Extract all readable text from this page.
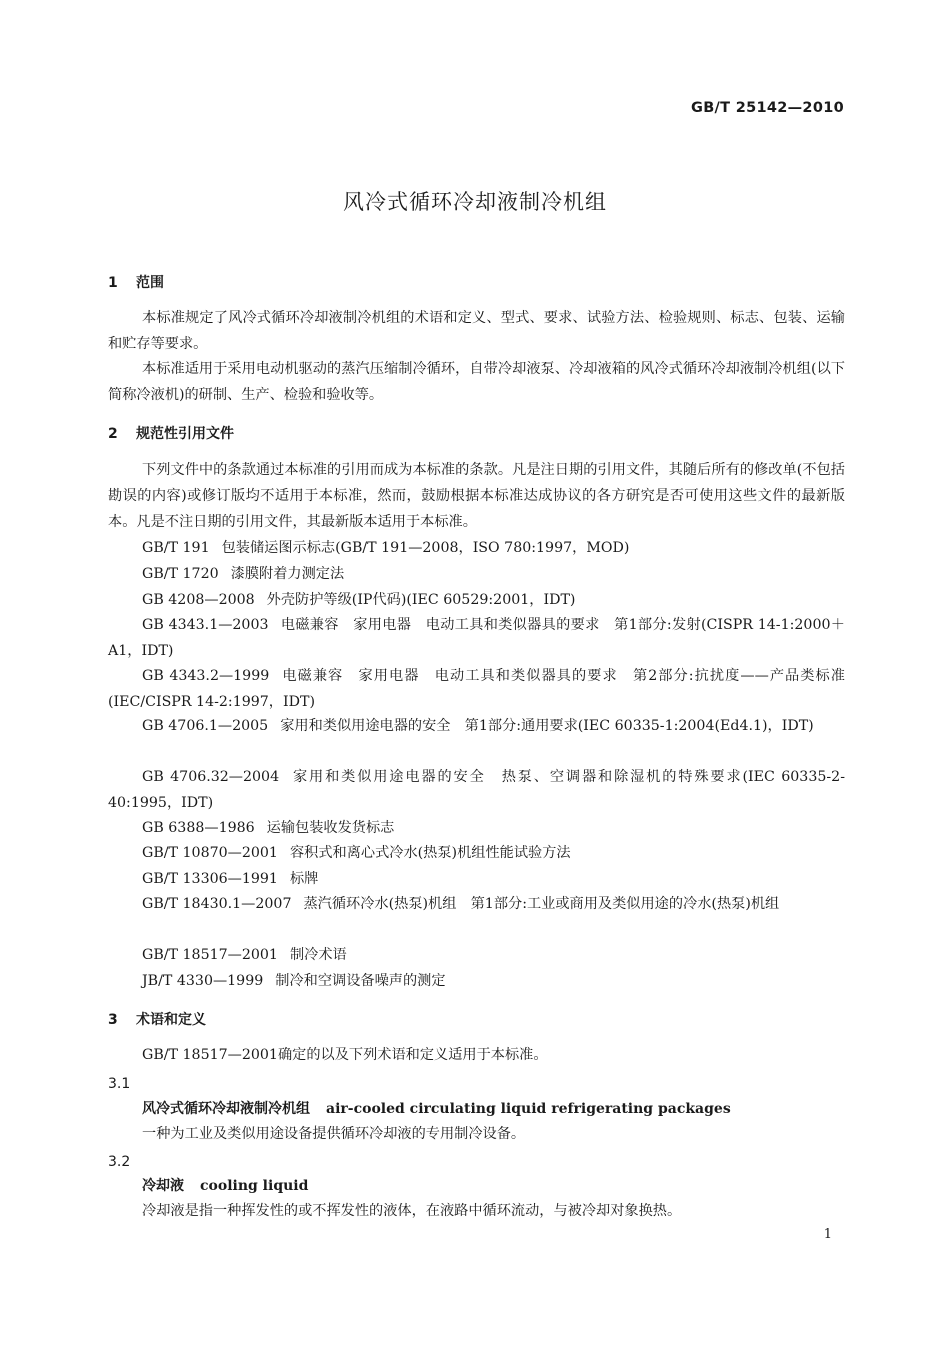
GB/T 25142—2010
风冷式循环冷却液制冷机组
1 范围
本标准规定了风冷式循环冷却液制冷机组的术语和定义、型式、要求、试验方法、检验规则、标志、包装、运输和贮存等要求。
本标准适用于采用电动机驱动的蒸汽压缩制冷循环，自带冷却液泵、冷却液箱的风冷式循环冷却液制冷机组(以下简称冷液机)的研制、生产、检验和验收等。
2 规范性引用文件
下列文件中的条款通过本标准的引用而成为本标准的条款。凡是注日期的引用文件，其随后所有的修改单(不包括勘误的内容)或修订版均不适用于本标准，然而，鼓励根据本标准达成协议的各方研究是否可使用这些文件的最新版本。凡是不注日期的引用文件，其最新版本适用于本标准。
GB/T 191 包装储运图示标志(GB/T 191—2008，ISO 780:1997，MOD)
GB/T 1720 漆膜附着力测定法
GB 4208—2008 外壳防护等级(IP代码)(IEC 60529:2001，IDT)
GB 4343.1—2003 电磁兼容　家用电器　电动工具和类似器具的要求　第1部分:发射(CISPR 14-1:2000＋A1，IDT)
GB 4343.2—1999 电磁兼容　家用电器　电动工具和类似器具的要求　第2部分:抗扰度——产品类标准(IEC/CISPR 14-2:1997，IDT)
GB 4706.1—2005 家用和类似用途电器的安全　第1部分:通用要求(IEC 60335-1:2004(Ed4.1)，IDT)
GB 4706.32—2004 家用和类似用途电器的安全　热泵、空调器和除湿机的特殊要求(IEC 60335-2-40:1995，IDT)
GB 6388—1986 运输包装收发货标志
GB/T 10870—2001 容积式和离心式冷水(热泵)机组性能试验方法
GB/T 13306—1991 标牌
GB/T 18430.1—2007 蒸汽循环冷水(热泵)机组　第1部分:工业或商用及类似用途的冷水(热泵)机组
GB/T 18517—2001 制冷术语
JB/T 4330—1999 制冷和空调设备噪声的测定
3 术语和定义
GB/T 18517—2001确定的以及下列术语和定义适用于本标准。
3.1
风冷式循环冷却液制冷机组 air-cooled circulating liquid refrigerating packages
一种为工业及类似用途设备提供循环冷却液的专用制冷设备。
3.2
冷却液 cooling liquid
冷却液是指一种挥发性的或不挥发性的液体，在液路中循环流动，与被冷却对象换热。
1
